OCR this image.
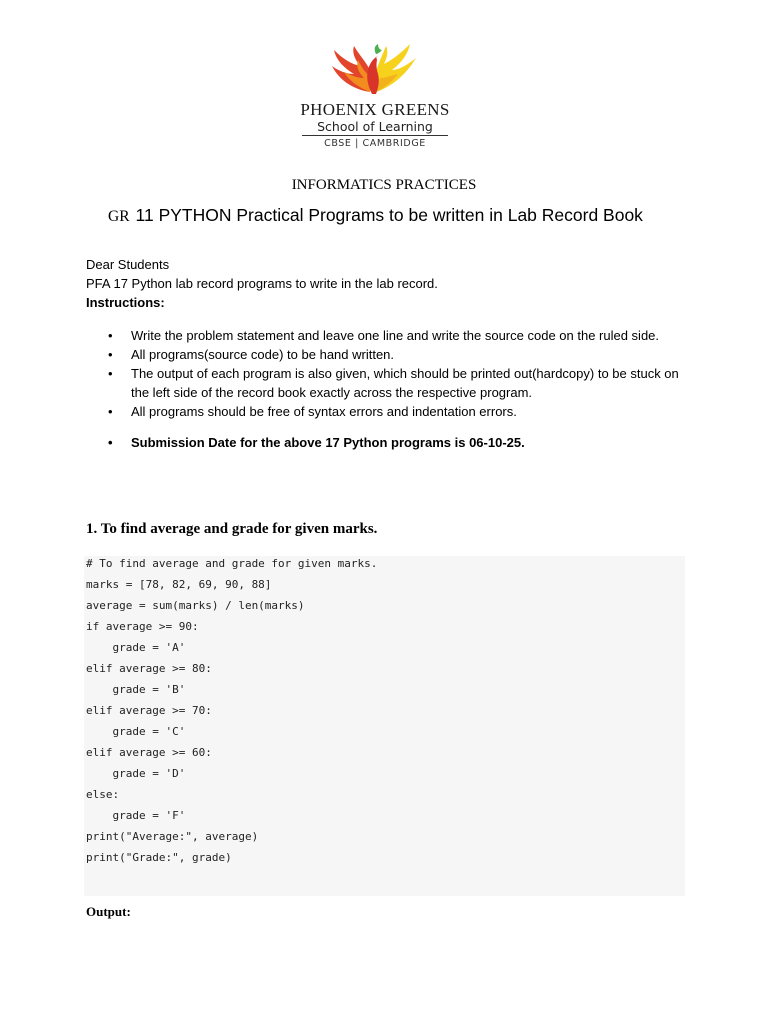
PHOENIX GREENS
School of Learning
CBSE | CAMBRIDGE
INFORMATICS PRACTICES
GR 11 PYTHON Practical Programs to be written in Lab Record Book
Dear Students
PFA 17 Python lab record programs to write in the lab record.
Instructions:
• Write the problem statement and leave one line and write the source code on the ruled side.
• All programs(source code) to be hand written.
• The output of each program is also given, which should be printed out(hardcopy) to be stuck on the left side of the record book exactly across the respective program.
• All programs should be free of syntax errors and indentation errors.
• Submission Date for the above 17 Python programs is 06-10-25.
1. To find average and grade for given marks.
# To find average and grade for given marks.
marks = [78, 82, 69, 90, 88]
average = sum(marks) / len(marks)
if average >= 90:
grade = 'A'
elif average >= 80:
grade = 'B'
elif average >= 70:
grade = 'C'
elif average >= 60:
grade = 'D'
else:
grade = 'F'
print("Average:", average)
print("Grade:", grade)
Output:
